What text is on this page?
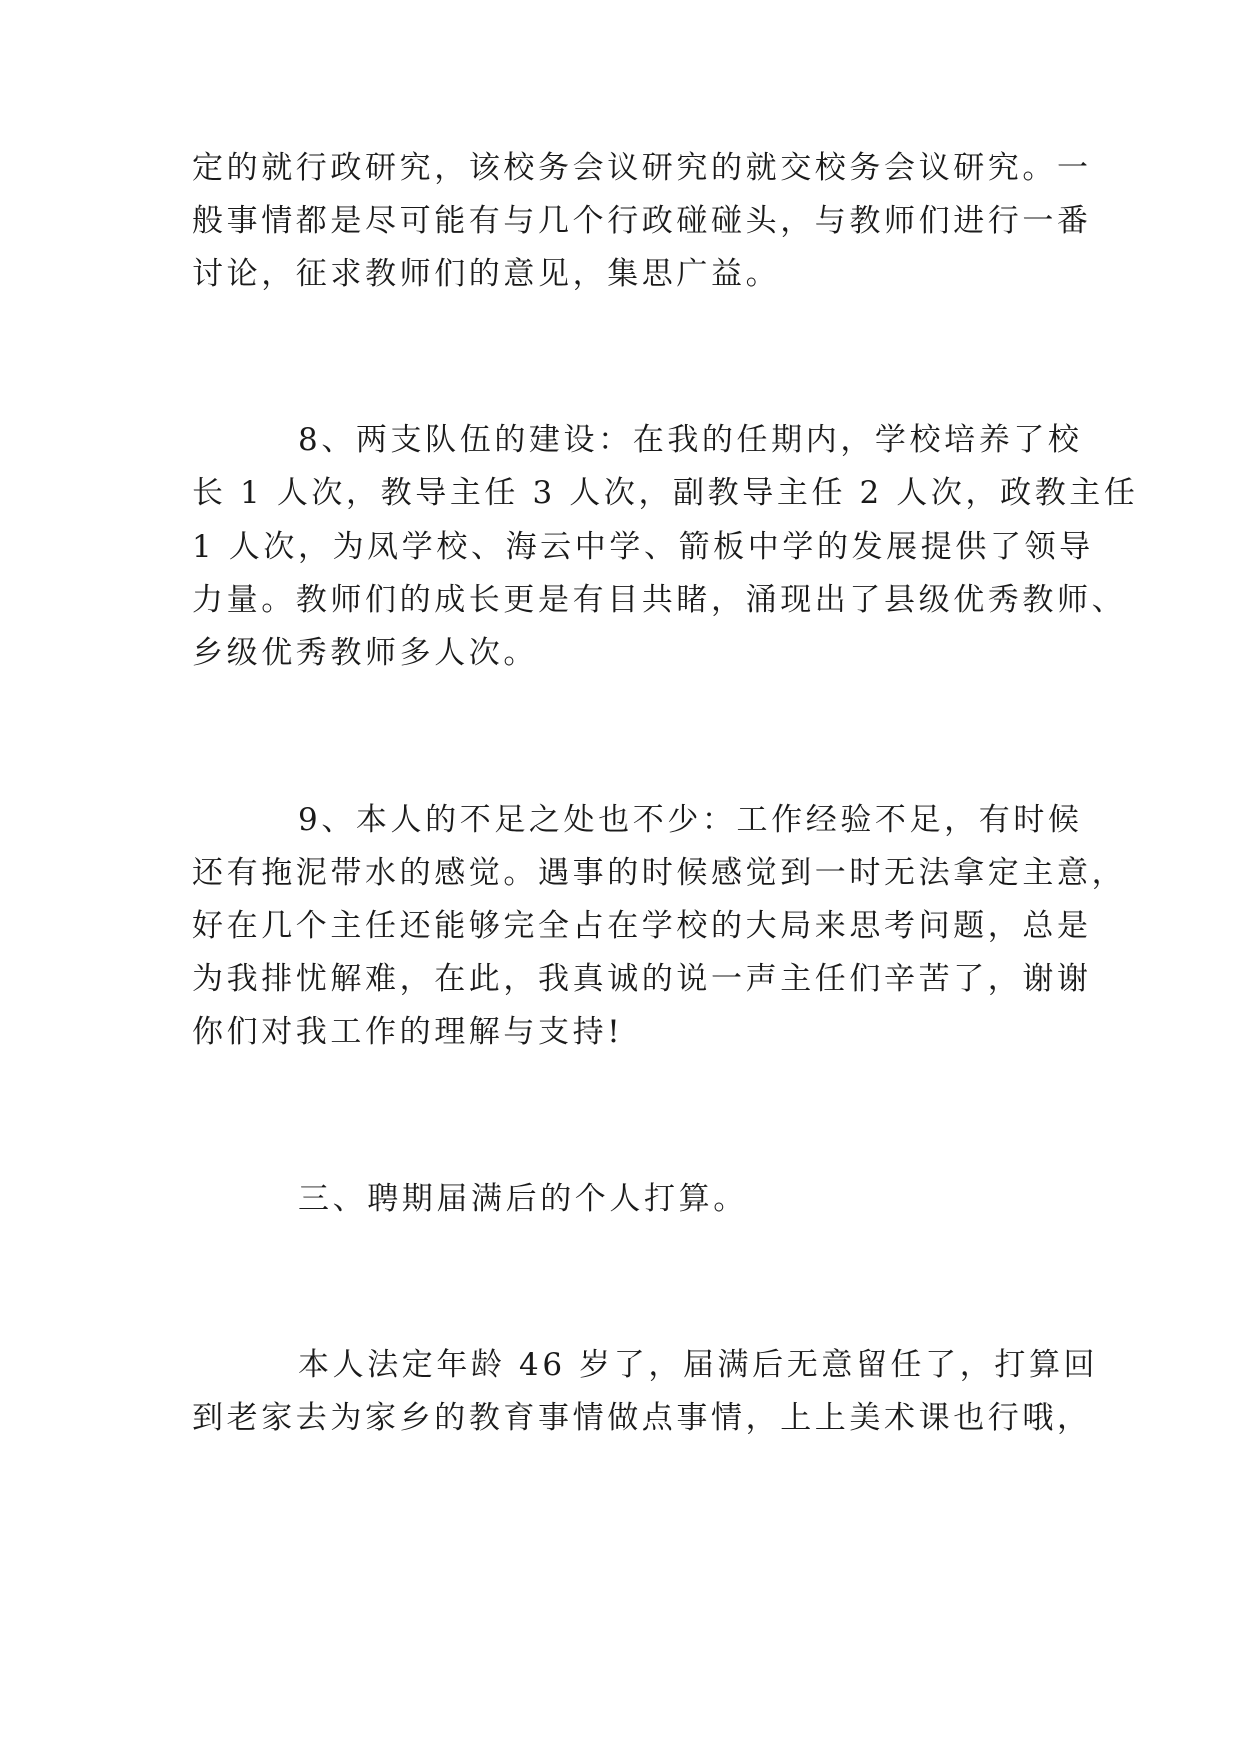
定的就行政研究，该校务会议研究的就交校务会议研究。一
般事情都是尽可能有与几个行政碰碰头，与教师们进行一番
讨论，征求教师们的意见，集思广益。
8、两支队伍的建设：在我的任期内，学校培养了校
长 1 人次，教导主任 3 人次，副教导主任 2 人次，政教主任
1 人次，为凤学校、海云中学、箭板中学的发展提供了领导
力量。教师们的成长更是有目共睹，涌现出了县级优秀教师、
乡级优秀教师多人次。
9、本人的不足之处也不少：工作经验不足，有时候
还有拖泥带水的感觉。遇事的时候感觉到一时无法拿定主意，
好在几个主任还能够完全占在学校的大局来思考问题，总是
为我排忧解难，在此，我真诚的说一声主任们辛苦了，谢谢
你们对我工作的理解与支持!
三、聘期届满后的个人打算。
本人法定年龄 46 岁了，届满后无意留任了，打算回
到老家去为家乡的教育事情做点事情，上上美术课也行哦，
